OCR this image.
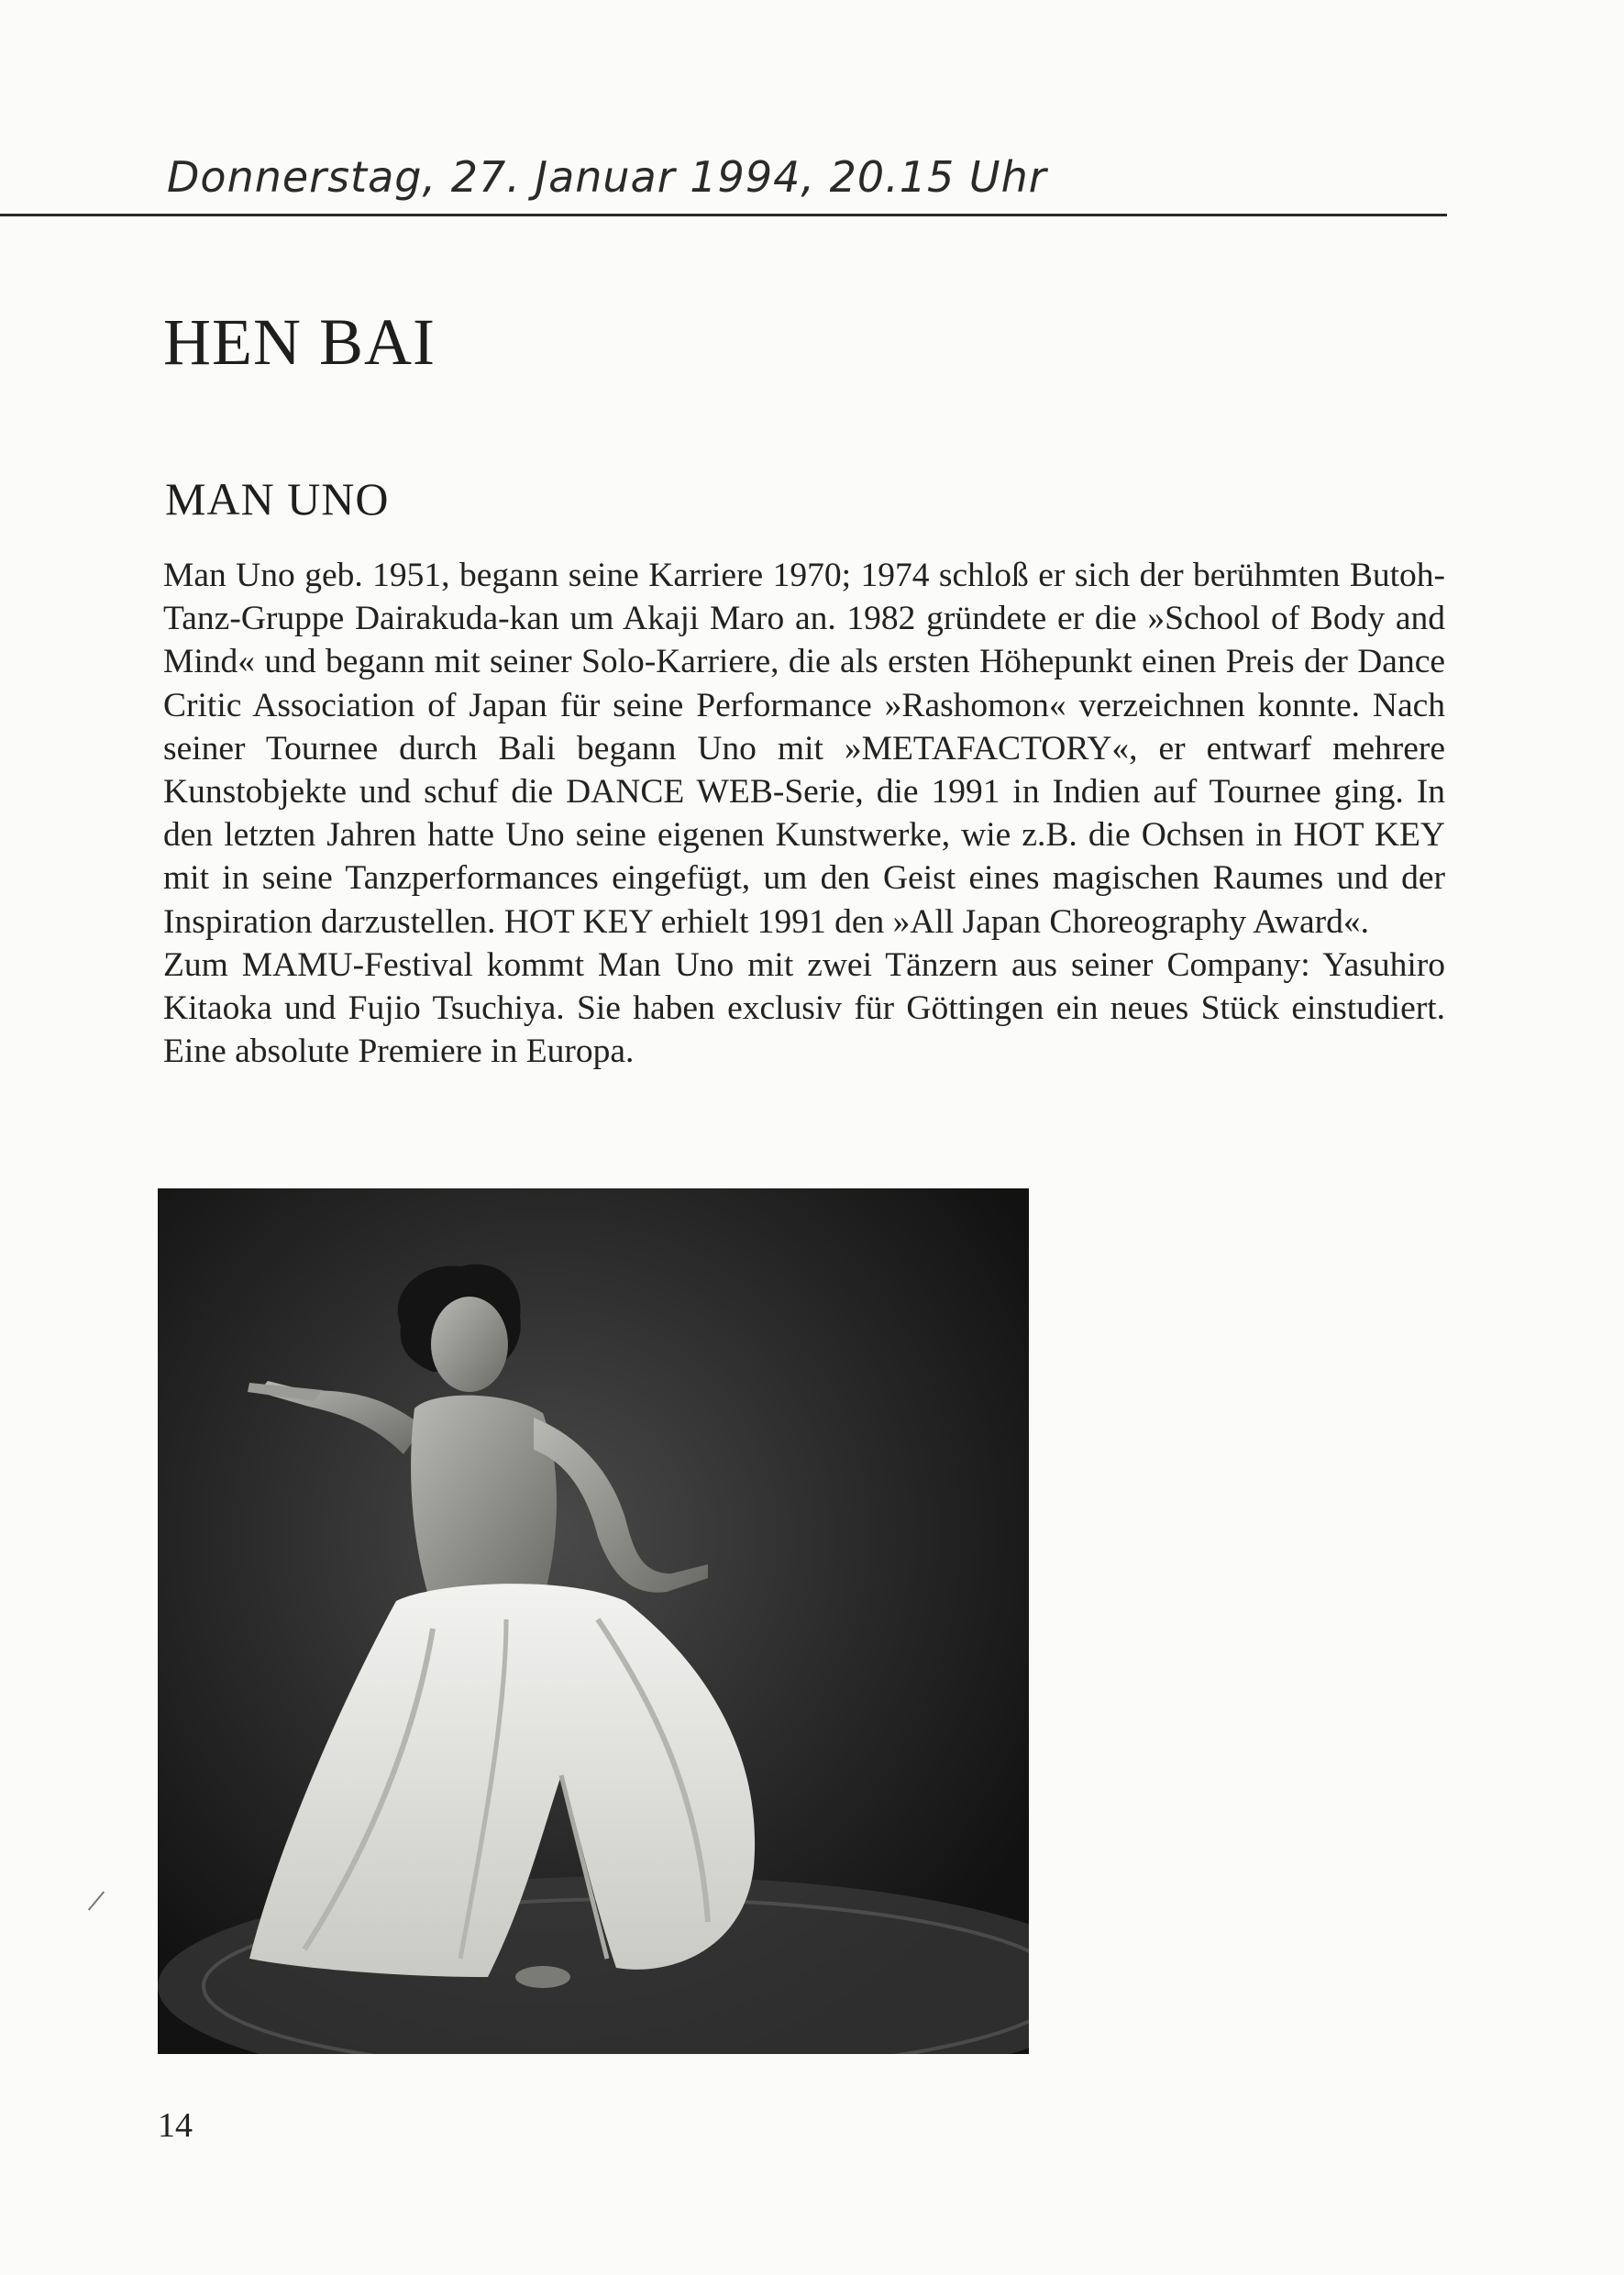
Donnerstag, 27. Januar 1994, 20.15 Uhr
HEN BAI
MAN UNO

Man Uno geb. 1951, begann seine Karriere 1970; 1974 schloß er sich der berühmten Butoh-Tanz-Gruppe Dairakuda-kan um Akaji Maro an. 1982 gründete er die »School of Body and Mind« und begann mit seiner Solo-Karriere, die als ersten Höhepunkt einen Preis der Dance Critic Association of Japan für seine Performance »Rashomon« verzeichnen konnte. Nach seiner Tournee durch Bali begann Uno mit »METAFACTORY«, er entwarf mehrere Kunstobjekte und schuf die DANCE WEB-Serie, die 1991 in Indien auf Tournee ging. In den letzten Jahren hatte Uno seine eigenen Kunstwerke, wie z.B. die Ochsen in HOT KEY mit in seine Tanzperformances eingefügt, um den Geist eines magischen Raumes und der Inspiration darzustellen. HOT KEY erhielt 1991 den »All Japan Choreography Award«.

Zum MAMU-Festival kommt Man Uno mit zwei Tänzern aus seiner Company: Yasuhiro Kitaoka und Fujio Tsuchiya. Sie haben exclusiv für Göttingen ein neues Stück einstudiert. Eine absolute Premiere in Europa.

14
